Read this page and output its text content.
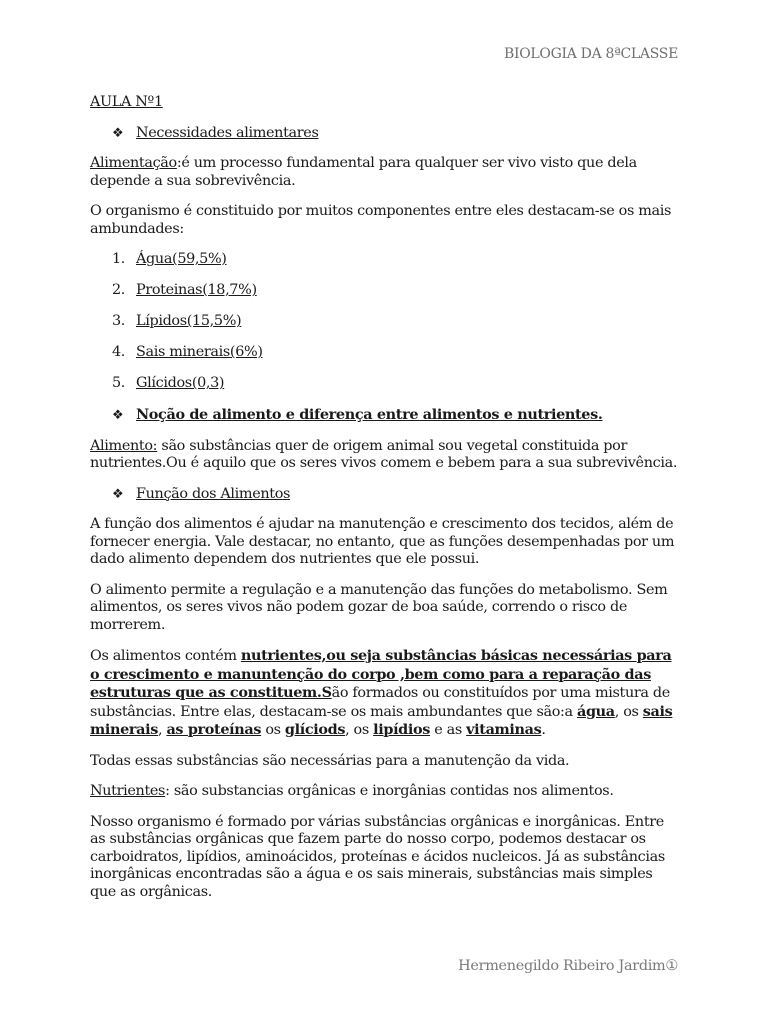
BIOLOGIA DA 8ªCLASSE
AULA Nº1
❖ Necessidades alimentares

Alimentação:é um processo fundamental para qualquer ser vivo visto que dela depende a sua sobrevivência.

O organismo é constituido por muitos componentes entre eles destacam-se os mais ambundades:

1. Água(59,5%)
2. Proteinas(18,7%)
3. Lípidos(15,5%)
4. Sais minerais(6%)
5. Glícidos(0,3)
❖ Noção de alimento e diferença entre alimentos e nutrientes.

Alimento: são substâncias quer de origem animal sou vegetal constituida por nutrientes.Ou é aquilo que os seres vivos comem e bebem para a sua subrevivência.

❖ Função dos Alimentos

A função dos alimentos é ajudar na manutenção e crescimento dos tecidos, além de fornecer energia. Vale destacar, no entanto, que as funções desempenhadas por um dado alimento dependem dos nutrientes que ele possui.

O alimento permite a regulação e a manutenção das funções do metabolismo. Sem alimentos, os seres vivos não podem gozar de boa saúde, correndo o risco de morrerem.

Os alimentos contém nutrientes,ou seja substâncias básicas necessárias para o crescimento e manuntenção do corpo ,bem como para a reparação das estruturas que as constituem.São formados ou constituídos por uma mistura de substâncias. Entre elas, destacam-se os mais ambundantes que são:a água, os sais minerais, as proteínas os glíciods, os lipídios e as vitaminas.

Todas essas substâncias são necessárias para a manutenção da vida.

Nutrientes: são substancias orgânicas e inorgânias contidas nos alimentos.

Nosso organismo é formado por várias substâncias orgânicas e inorgânicas. Entre as substâncias orgânicas que fazem parte do nosso corpo, podemos destacar os carboidratos, lipídios, aminoácidos, proteínas e ácidos nucleicos. Já as substâncias inorgânicas encontradas são a água e os sais minerais, substâncias mais simples que as orgânicas.

Hermenegildo Ribeiro Jardim①
